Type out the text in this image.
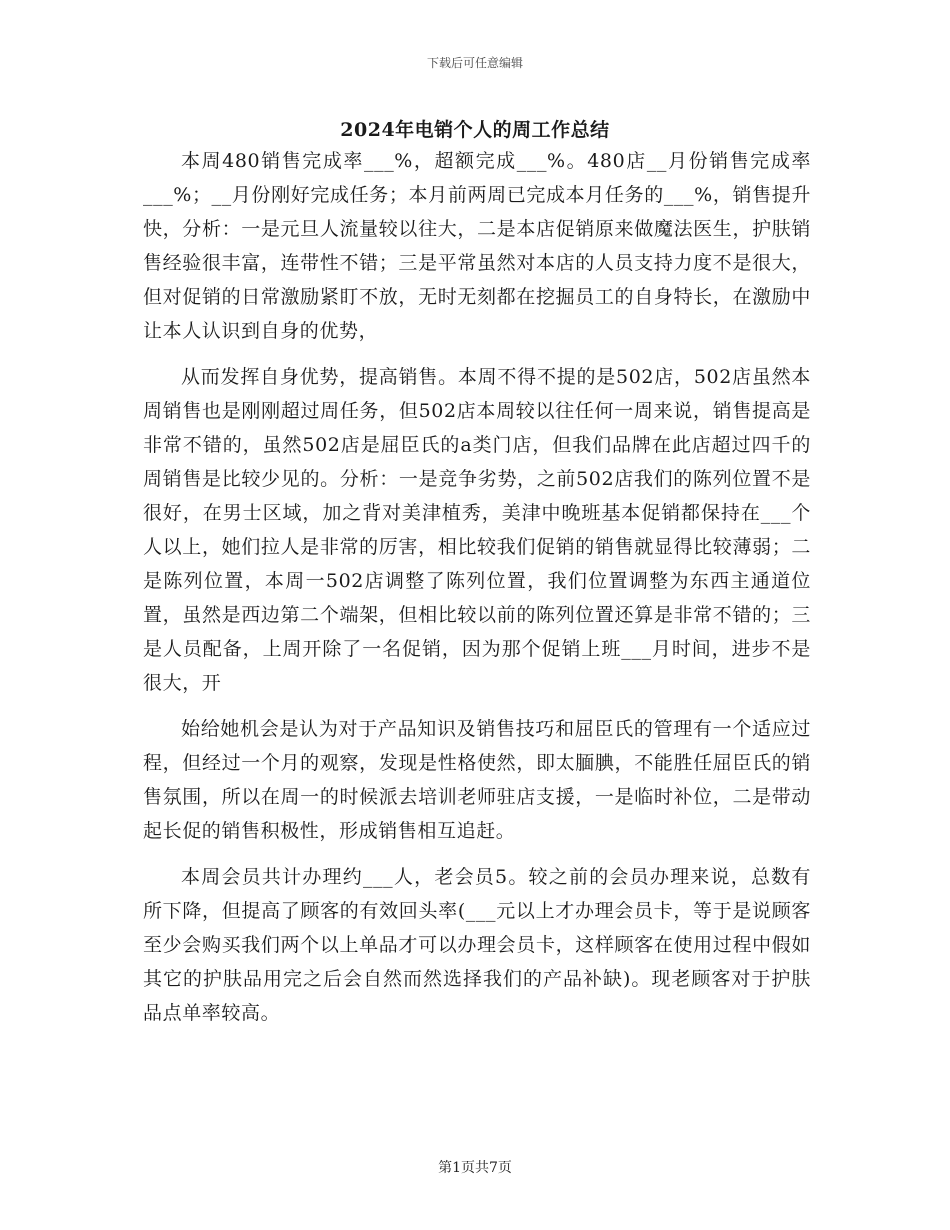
下载后可任意编辑
2024年电销个人的周工作总结

本周480销售完成率___%，超额完成___%。480店__月份销售完成率___%；__月份刚好完成任务；本月前两周已完成本月任务的___%，销售提升快，分析：一是元旦人流量较以往大，二是本店促销原来做魔法医生，护肤销售经验很丰富，连带性不错；三是平常虽然对本店的人员支持力度不是很大，但对促销的日常激励紧盯不放，无时无刻都在挖掘员工的自身特长，在激励中让本人认识到自身的优势，

从而发挥自身优势，提高销售。本周不得不提的是502店，502店虽然本周销售也是刚刚超过周任务，但502店本周较以往任何一周来说，销售提高是非常不错的，虽然502店是屈臣氏的a类门店，但我们品牌在此店超过四千的周销售是比较少见的。分析：一是竞争劣势，之前502店我们的陈列位置不是很好，在男士区域，加之背对美津植秀，美津中晚班基本促销都保持在___个人以上，她们拉人是非常的厉害，相比较我们促销的销售就显得比较薄弱；二是陈列位置，本周一502店调整了陈列位置，我们位置调整为东西主通道位置，虽然是西边第二个端架，但相比较以前的陈列位置还算是非常不错的；三是人员配备，上周开除了一名促销，因为那个促销上班___月时间，进步不是很大，开

始给她机会是认为对于产品知识及销售技巧和屈臣氏的管理有一个适应过程，但经过一个月的观察，发现是性格使然，即太腼腆，不能胜任屈臣氏的销售氛围，所以在周一的时候派去培训老师驻店支援，一是临时补位，二是带动起长促的销售积极性，形成销售相互追赶。

本周会员共计办理约___人，老会员5。较之前的会员办理来说，总数有所下降，但提高了顾客的有效回头率(___元以上才办理会员卡，等于是说顾客至少会购买我们两个以上单品才可以办理会员卡，这样顾客在使用过程中假如其它的护肤品用完之后会自然而然选择我们的产品补缺)。现老顾客对于护肤品点单率较高。

第1页共7页
